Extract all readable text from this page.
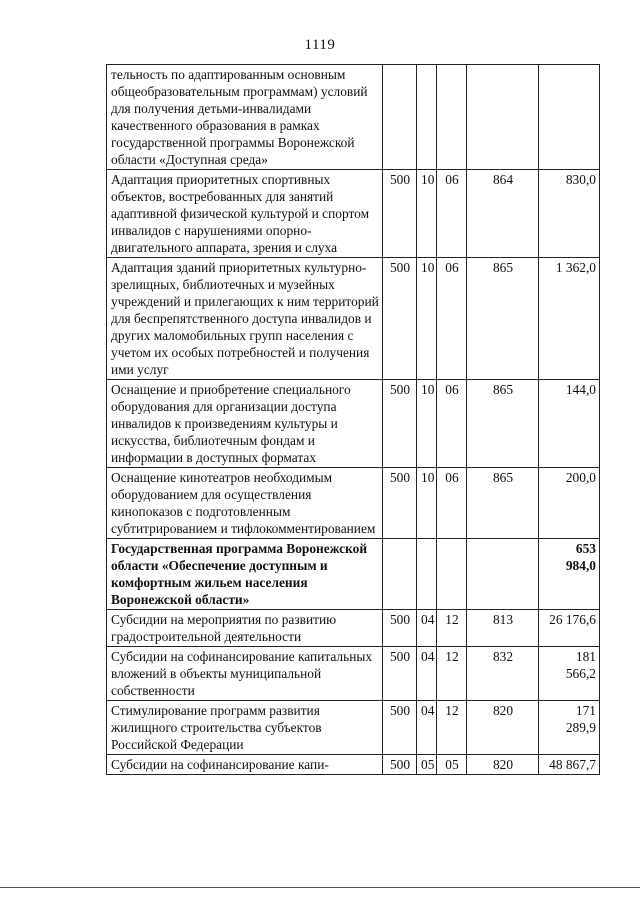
1119
тельность по адаптированным основным общеобразовательным программам) условий для получения детьми-инвалидами качественного образования в рамках государственной программы Воронежской области «Доступная среда»					
Адаптация приоритетных спортивных объектов, востребованных для занятий адаптивной физической культурой и спортом инвалидов с нарушениями опорно-двигательного аппарата, зрения и слуха	500	10	06	864	830,0
Адаптация зданий приоритетных культурно-зрелищных, библиотечных и музейных учреждений и прилегающих к ним территорий для беспрепятственного доступа инвалидов и других маломобильных групп населения с учетом их особых потребностей и получения ими услуг	500	10	06	865	1 362,0
Оснащение и приобретение специального оборудования для организации доступа инвалидов к произведениям культуры и искусства, библиотечным фондам и информации в доступных форматах	500	10	06	865	144,0
Оснащение кинотеатров необходимым оборудованием для осуществления кинопоказов с подготовленным субтитрированием и тифлокомментированием	500	10	06	865	200,0
Государственная программа Воронежской области «Обеспечение доступным и комфортным жильем населения Воронежской области»					653 984,0
Субсидии на мероприятия по развитию градостроительной деятельности	500	04	12	813	26 176,6
Субсидии на софинансирование капитальных вложений в объекты муниципальной собственности	500	04	12	832	181 566,2
Стимулирование программ развития жилищного строительства субъектов Российской Федерации	500	04	12	820	171 289,9
Субсидии на софинансирование капи-	500	05	05	820	48 867,7
